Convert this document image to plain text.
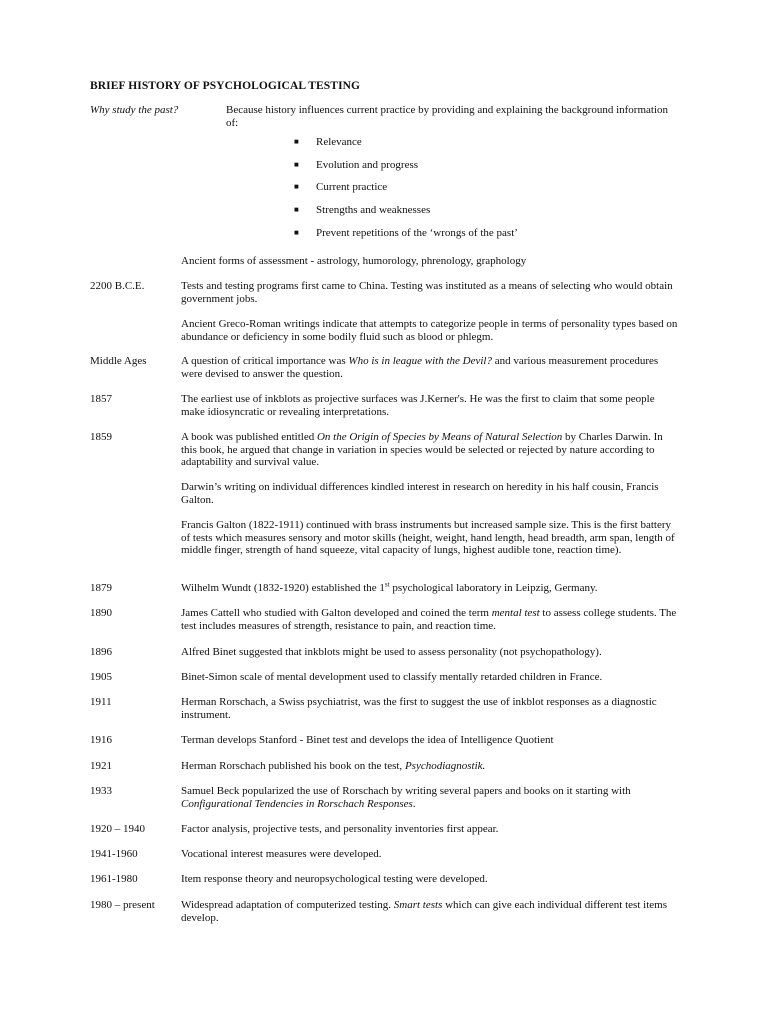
BRIEF HISTORY OF PSYCHOLOGICAL TESTING
Why study the past?	Because history influences current practice by providing and explaining the background information of:
■	Relevance
■	Evolution and progress
■	Current practice
■	Strengths and weaknesses
■	Prevent repetitions of the ‘wrongs of the past’
Ancient forms of assessment - astrology, humorology, phrenology, graphology
2200 B.C.E.	Tests and testing programs first came to China. Testing was instituted as a means of selecting who would obtain government jobs.
Ancient Greco-Roman writings indicate that attempts to categorize people in terms of personality types based on abundance or deficiency in some bodily fluid such as blood or phlegm.
Middle Ages	A question of critical importance was Who is in league with the Devil? and various measurement procedures were devised to answer the question.
1857	The earliest use of inkblots as projective surfaces was J.Kerner's. He was the first to claim that some people make idiosyncratic or revealing interpretations.
1859	A book was published entitled On the Origin of Species by Means of Natural Selection by Charles Darwin. In this book, he argued that change in variation in species would be selected or rejected by nature according to adaptability and survival value.
Darwin’s writing on individual differences kindled interest in research on heredity in his half cousin, Francis Galton.
Francis Galton (1822-1911) continued with brass instruments but increased sample size. This is the first battery of tests which measures sensory and motor skills (height, weight, hand length, head breadth, arm span, length of middle finger, strength of hand squeeze, vital capacity of lungs, highest audible tone, reaction time).
1879	Wilhelm Wundt (1832-1920) established the 1st psychological laboratory in Leipzig, Germany.
1890	James Cattell who studied with Galton developed and coined the term mental test to assess college students. The test includes measures of strength, resistance to pain, and reaction time.
1896	Alfred Binet suggested that inkblots might be used to assess personality (not psychopathology).
1905	Binet-Simon scale of mental development used to classify mentally retarded children in France.
1911	Herman Rorschach, a Swiss psychiatrist, was the first to suggest the use of inkblot responses as a diagnostic instrument.
1916	Terman develops Stanford - Binet test and develops the idea of Intelligence Quotient
1921	Herman Rorschach published his book on the test, Psychodiagnostik.
1933	Samuel Beck popularized the use of Rorschach by writing several papers and books on it starting with Configurational Tendencies in Rorschach Responses.
1920 – 1940	Factor analysis, projective tests, and personality inventories first appear.
1941-1960	Vocational interest measures were developed.
1961-1980	Item response theory and neuropsychological testing were developed.
1980 – present Widespread adaptation of computerized testing. Smart tests which can give each individual different test items develop.
